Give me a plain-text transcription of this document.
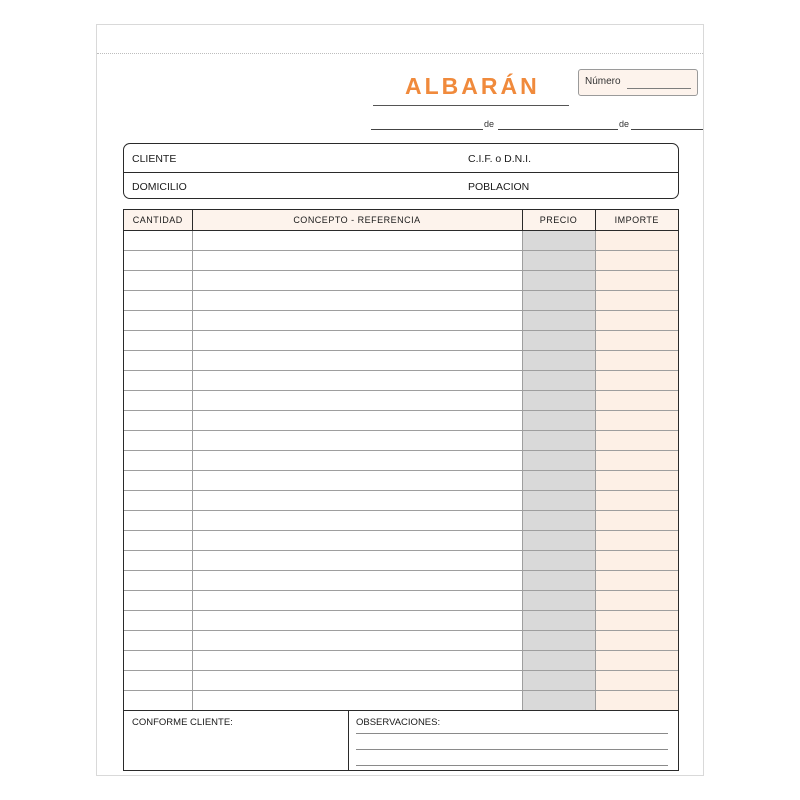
ALBARÁN	Número
de	de
CLIENTE	C.I.F. o D.N.I.
DOMICILIO	POBLACION
CANTIDAD	CONCEPTO - REFERENCIA	PRECIO	IMPORTE

CONFORME CLIENTE:	OBSERVACIONES:
